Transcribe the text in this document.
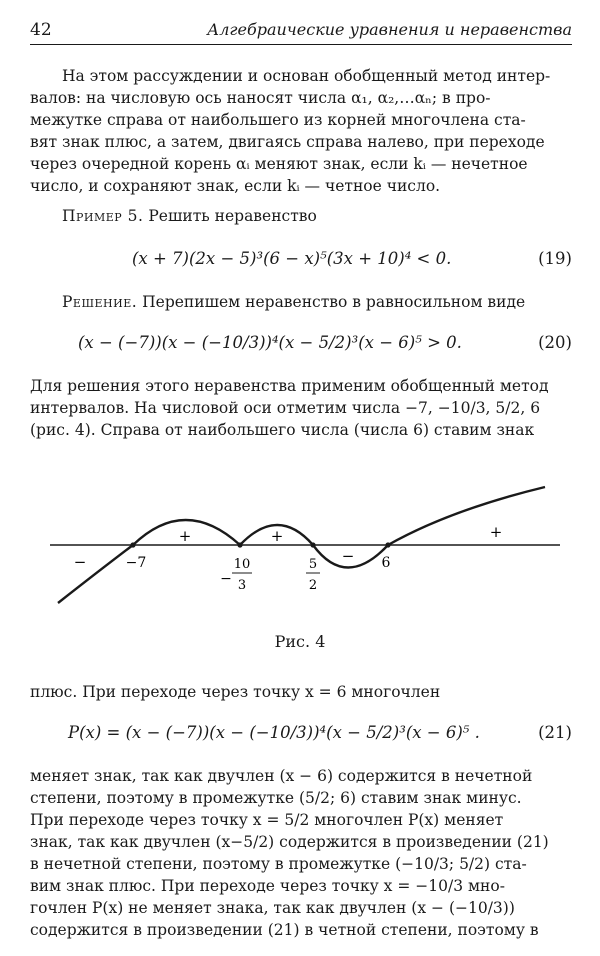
42	Алгебраические уравнения и неравенства
На этом рассуждении и основан обобщенный метод интер-
валов: на числовую ось наносят числа α₁, α₂,…αₙ; в про-
межутке справа от наибольшего из корней многочлена ста-
вят знак плюс, а затем, двигаясь справа налево, при переходе
через очередной корень αᵢ меняют знак, если kᵢ — нечетное
число, и сохраняют знак, если kᵢ — четное число.
Пример 5. Решить неравенство
(x + 7)(2x − 5)³(6 − x)⁵(3x + 10)⁴ < 0.	(19)
Решение. Перепишем неравенство в равносильном виде
(x − (−7))(x − (−10/3))⁴(x − 5/2)³(x − 6)⁵ > 0.	(20)
Для решения этого неравенства применим обобщенный метод
интервалов. На числовой оси отметим числа −7, −10/3, 5/2, 6
(рис. 4). Справа от наибольшего числа (числа 6) ставим знак
−7
−
10
3
5
2
6
−
+	+
−
+
Рис. 4
плюс. При переходе через точку x = 6 многочлен
P(x) = (x − (−7))(x − (−10/3))⁴(x − 5/2)³(x − 6)⁵ .	(21)
меняет знак, так как двучлен (x − 6) содержится в нечетной
степени, поэтому в промежутке (5/2; 6) ставим знак минус.
При переходе через точку x = 5/2 многочлен P(x) меняет
знак, так как двучлен (x−5/2) содержится в произведении (21)
в нечетной степени, поэтому в промежутке (−10/3; 5/2) ста-
вим знак плюс. При переходе через точку x = −10/3 мно-
гочлен P(x) не меняет знака, так как двучлен (x − (−10/3))
содержится в произведении (21) в четной степени, поэтому в
